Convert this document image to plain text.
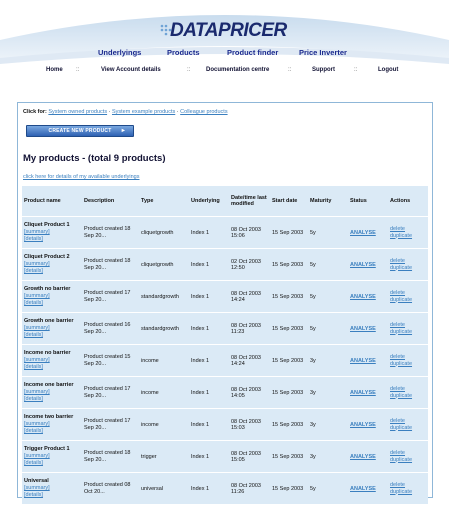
DATAPRICER
Underlyings	Products	Product finder	Price Inverter
Home ::	View Account details	::	Documentation centre	::	Support	::	Logout
Click for: System owned products · System example products · Colleague products
CREATE NEW PRODUCT ▸
My products - (total 9 products)
click here for details of my available underlyings
Product name	Description	Type	Underlying	Date/time last modified	Start date	Maturity	Status	Actions
Cliquet Product 1
[summary]
[details]	Product created 18 Sep 20...	cliquetgrowth	Index 1	08 Oct 2003 15:06	15 Sep 2003	5y	ANALYSE	delete
duplicate

Cliquet Product 2
[summary]
[details]	Product created 18 Sep 20...	cliquetgrowth	Index 1	02 Oct 2003 12:50	15 Sep 2003	5y	ANALYSE	delete
duplicate

Growth no barrier
[summary]
[details]	Product created 17 Sep 20...	standardgrowth	Index 1	08 Oct 2003 14:24	15 Sep 2003	5y	ANALYSE	delete
duplicate

Growth one barrier
[summary]
[details]	Product created 16 Sep 20...	standardgrowth	Index 1	08 Oct 2003 11:23	15 Sep 2003	5y	ANALYSE	delete
duplicate

Income no barrier
[summary]
[details]	Product created 15 Sep 20...	income	Index 1	08 Oct 2003 14:24	15 Sep 2003	3y	ANALYSE	delete
duplicate

Income one barrier
[summary]
[details]	Product created 17 Sep 20...	income	Index 1	08 Oct 2003 14:05	15 Sep 2003	3y	ANALYSE	delete
duplicate

Income two barrier
[summary]
[details]	Product created 17 Sep 20...	income	Index 1	08 Oct 2003 15:03	15 Sep 2003	3y	ANALYSE	delete
duplicate

Trigger Product 1
[summary]
[details]	Product created 18 Sep 20...	trigger	Index 1	08 Oct 2003 15:05	15 Sep 2003	3y	ANALYSE	delete
duplicate

Universal
[summary]
[details]	Product created 08 Oct 20...	universal	Index 1	08 Oct 2003 11:26	15 Sep 2003	5y	ANALYSE	delete
duplicate
